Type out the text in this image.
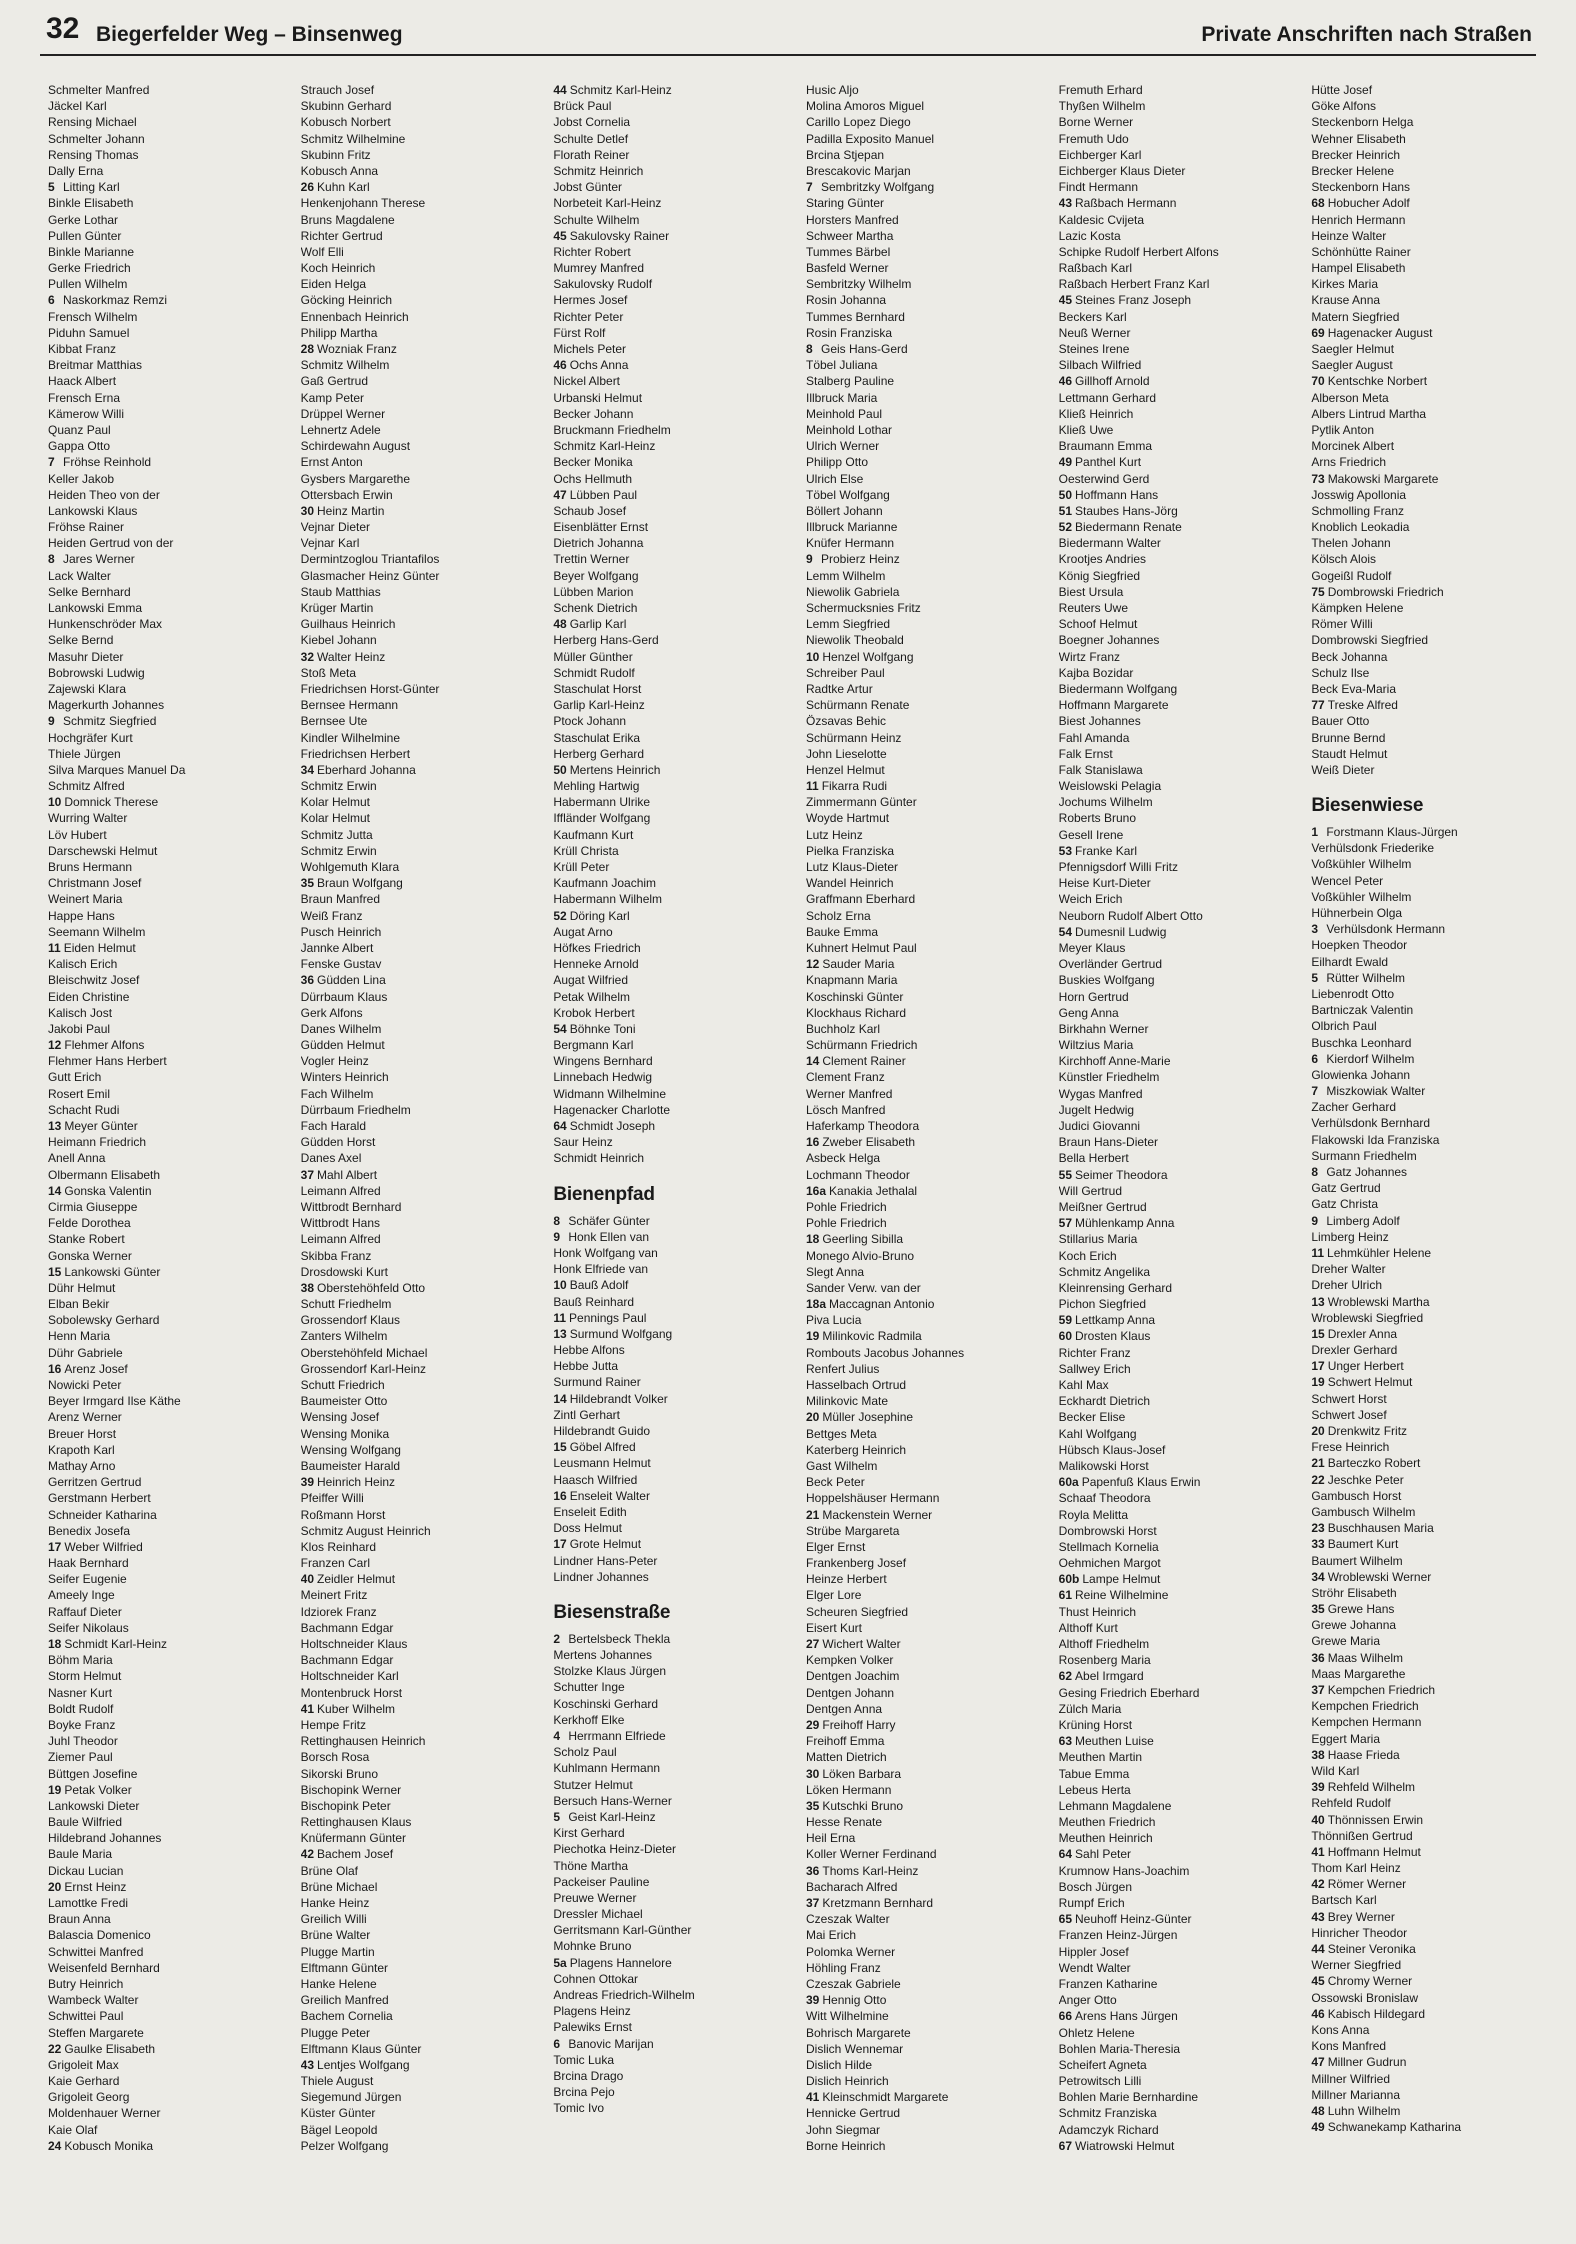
32 Biegerfelder Weg – Binsenweg	Private Anschriften nach Straßen
Schmelter Manfred
Jäckel Karl
Rensing Michael
Schmelter Johann
Rensing Thomas
Dally Erna
5 Litting Karl
Binkle Elisabeth
Gerke Lothar
Pullen Günter
Binkle Marianne
Gerke Friedrich
Pullen Wilhelm
6 Naskorkmaz Remzi
Frensch Wilhelm
Piduhn Samuel
Kibbat Franz
Breitmar Matthias
Haack Albert
Frensch Erna
Kämerow Willi
Quanz Paul
Gappa Otto
7 Fröhse Reinhold
Keller Jakob
Heiden Theo von der
Lankowski Klaus
Fröhse Rainer
Heiden Gertrud von der
8 Jares Werner
Lack Walter
Selke Bernhard
Lankowski Emma
Hunkenschröder Max
Selke Bernd
Masuhr Dieter
Bobrowski Ludwig
Zajewski Klara
Magerkurth Johannes
9 Schmitz Siegfried
Hochgräfer Kurt
Thiele Jürgen
Silva Marques Manuel Da
Schmitz Alfred
10 Domnick Therese
Wurring Walter
Löv Hubert
Darschewski Helmut
Bruns Hermann
Christmann Josef
Weinert Maria
Happe Hans
Seemann Wilhelm
11 Eiden Helmut
Kalisch Erich
Bleischwitz Josef
Eiden Christine
Kalisch Jost
Jakobi Paul
12 Flehmer Alfons
Flehmer Hans Herbert
Gutt Erich
Rosert Emil
Schacht Rudi
13 Meyer Günter
Heimann Friedrich
Anell Anna
Olbermann Elisabeth
14 Gonska Valentin
Cirmia Giuseppe
Felde Dorothea
Stanke Robert
Gonska Werner
15 Lankowski Günter
Dühr Helmut
Elban Bekir
Sobolewsky Gerhard
Henn Maria
Dühr Gabriele
16 Arenz Josef
Nowicki Peter
Beyer Irmgard Ilse Käthe
Arenz Werner
Breuer Horst
Krapoth Karl
Mathay Arno
Gerritzen Gertrud
Gerstmann Herbert
Schneider Katharina
Benedix Josefa
17 Weber Wilfried
Haak Bernhard
Seifer Eugenie
Ameely Inge
Raffauf Dieter
Seifer Nikolaus
18 Schmidt Karl-Heinz
Böhm Maria
Storm Helmut
Nasner Kurt
Boldt Rudolf
Boyke Franz
Juhl Theodor
Ziemer Paul
Büttgen Josefine
19 Petak Volker
Lankowski Dieter
Baule Wilfried
Hildebrand Johannes
Baule Maria
Dickau Lucian
20 Ernst Heinz
Lamottke Fredi
Braun Anna
Balascia Domenico
Schwittei Manfred
Weisenfeld Bernhard
Butry Heinrich
Wambeck Walter
Schwittei Paul
Steffen Margarete
22 Gaulke Elisabeth
Grigoleit Max
Kaie Gerhard
Grigoleit Georg
Moldenhauer Werner
Kaie Olaf
24 Kobusch Monika
Strauch Josef
Skubinn Gerhard
Kobusch Norbert
Schmitz Wilhelmine
Skubinn Fritz
Kobusch Anna
26 Kuhn Karl
Henkenjohann Therese
Bruns Magdalene
Richter Gertrud
Wolf Elli
Koch Heinrich
Eiden Helga
Göcking Heinrich
Ennenbach Heinrich
Philipp Martha
28 Wozniak Franz
Schmitz Wilhelm
Gaß Gertrud
Kamp Peter
Drüppel Werner
Lehnertz Adele
Schirdewahn August
Ernst Anton
Gysbers Margarethe
Ottersbach Erwin
30 Heinz Martin
Vejnar Dieter
Vejnar Karl
Dermintzoglou Triantafilos
Glasmacher Heinz Günter
Staub Matthias
Krüger Martin
Guilhaus Heinrich
Kiebel Johann
32 Walter Heinz
Stoß Meta
Friedrichsen Horst-Günter
Bernsee Hermann
Bernsee Ute
Kindler Wilhelmine
Friedrichsen Herbert
34 Eberhard Johanna
Schmitz Erwin
Kolar Helmut
Kolar Helmut
Schmitz Jutta
Schmitz Erwin
Wohlgemuth Klara
35 Braun Wolfgang
Braun Manfred
Weiß Franz
Pusch Heinrich
Jannke Albert
Fenske Gustav
36 Güdden Lina
Dürrbaum Klaus
Gerk Alfons
Danes Wilhelm
Güdden Helmut
Vogler Heinz
Winters Heinrich
Fach Wilhelm
Dürrbaum Friedhelm
Fach Harald
Güdden Horst
Danes Axel
37 Mahl Albert
Leimann Alfred
Wittbrodt Bernhard
Wittbrodt Hans
Leimann Alfred
Skibba Franz
Drosdowski Kurt
38 Oberstehöhfeld Otto
Schutt Friedhelm
Grossendorf Klaus
Zanters Wilhelm
Oberstehöhfeld Michael
Grossendorf Karl-Heinz
Schutt Friedrich
Baumeister Otto
Wensing Josef
Wensing Monika
Wensing Wolfgang
Baumeister Harald
39 Heinrich Heinz
Pfeiffer Willi
Roßmann Horst
Schmitz August Heinrich
Klos Reinhard
Franzen Carl
40 Zeidler Helmut
Meinert Fritz
Idziorek Franz
Bachmann Edgar
Holtschneider Klaus
Bachmann Edgar
Holtschneider Karl
Montenbruck Horst
41 Kuber Wilhelm
Hempe Fritz
Rettinghausen Heinrich
Borsch Rosa
Sikorski Bruno
Bischopink Werner
Bischopink Peter
Rettinghausen Klaus
Knüfermann Günter
42 Bachem Josef
Brüne Olaf
Brüne Michael
Hanke Heinz
Greilich Willi
Brüne Walter
Plugge Martin
Elftmann Günter
Hanke Helene
Greilich Manfred
Bachem Cornelia
Plugge Peter
Elftmann Klaus Günter
43 Lentjes Wolfgang
Thiele August
Siegemund Jürgen
Küster Günter
Bägel Leopold
Pelzer Wolfgang
44 Schmitz Karl-Heinz
Brück Paul
Jobst Cornelia
Schulte Detlef
Florath Reiner
Schmitz Heinrich
Jobst Günter
Norbeteit Karl-Heinz
Schulte Wilhelm
45 Sakulovsky Rainer
Richter Robert
Mumrey Manfred
Sakulovsky Rudolf
Hermes Josef
Richter Peter
Fürst Rolf
Michels Peter
46 Ochs Anna
Nickel Albert
Urbanski Helmut
Becker Johann
Bruckmann Friedhelm
Schmitz Karl-Heinz
Becker Monika
Ochs Hellmuth
47 Lübben Paul
Schaub Josef
Eisenblätter Ernst
Dietrich Johanna
Trettin Werner
Beyer Wolfgang
Lübben Marion
Schenk Dietrich
48 Garlip Karl
Herberg Hans-Gerd
Müller Günther
Schmidt Rudolf
Staschulat Horst
Garlip Karl-Heinz
Ptock Johann
Staschulat Erika
Herberg Gerhard
50 Mertens Heinrich
Mehling Hartwig
Habermann Ulrike
Iffländer Wolfgang
Kaufmann Kurt
Krüll Christa
Krüll Peter
Kaufmann Joachim
Habermann Wilhelm
52 Döring Karl
Augat Arno
Höfkes Friedrich
Henneke Arnold
Augat Wilfried
Petak Wilhelm
Krobok Herbert
54 Böhnke Toni
Bergmann Karl
Wingens Bernhard
Linnebach Hedwig
Widmann Wilhelmine
Hagenacker Charlotte
64 Schmidt Joseph
Saur Heinz
Schmidt Heinrich
Bienenpfad
8 Schäfer Günter
9 Honk Ellen van
Honk Wolfgang van
Honk Elfriede van
10 Bauß Adolf
Bauß Reinhard
11 Pennings Paul
13 Surmund Wolfgang
Hebbe Alfons
Hebbe Jutta
Surmund Rainer
14 Hildebrandt Volker
Zintl Gerhart
Hildebrandt Guido
15 Göbel Alfred
Leusmann Helmut
Haasch Wilfried
16 Enseleit Walter
Enseleit Edith
Doss Helmut
17 Grote Helmut
Lindner Hans-Peter
Lindner Johannes
Biesenstraße
2 Bertelsbeck Thekla
Mertens Johannes
Stolzke Klaus Jürgen
Schutter Inge
Koschinski Gerhard
Kerkhoff Elke
4 Herrmann Elfriede
Scholz Paul
Kuhlmann Hermann
Stutzer Helmut
Bersuch Hans-Werner
5 Geist Karl-Heinz
Kirst Gerhard
Piechotka Heinz-Dieter
Thöne Martha
Packeiser Pauline
Preuwe Werner
Dressler Michael
Gerritsmann Karl-Günther
Mohnke Bruno
5a Plagens Hannelore
Cohnen Ottokar
Andreas Friedrich-Wilhelm
Plagens Heinz
Palewiks Ernst
6 Banovic Marijan
Tomic Luka
Brcina Drago
Brcina Pejo
Tomic Ivo
Husic Aljo
Molina Amoros Miguel
Carillo Lopez Diego
Padilla Exposito Manuel
Brcina Stjepan
Brescakovic Marjan
7 Sembritzky Wolfgang
Staring Günter
Horsters Manfred
Schweer Martha
Tummes Bärbel
Basfeld Werner
Sembritzky Wilhelm
Rosin Johanna
Tummes Bernhard
Rosin Franziska
8 Geis Hans-Gerd
Töbel Juliana
Stalberg Pauline
Illbruck Maria
Meinhold Paul
Meinhold Lothar
Ulrich Werner
Philipp Otto
Ulrich Else
Töbel Wolfgang
Böllert Johann
Illbruck Marianne
Knüfer Hermann
9 Probierz Heinz
Lemm Wilhelm
Niewolik Gabriela
Schermucksnies Fritz
Lemm Siegfried
Niewolik Theobald
10 Henzel Wolfgang
Schreiber Paul
Radtke Artur
Schürmann Renate
Özsavas Behic
Schürmann Heinz
John Lieselotte
Henzel Helmut
11 Fikarra Rudi
Zimmermann Günter
Woyde Hartmut
Lutz Heinz
Pielka Franziska
Lutz Klaus-Dieter
Wandel Heinrich
Graffmann Eberhard
Scholz Erna
Bauke Emma
Kuhnert Helmut Paul
12 Sauder Maria
Knapmann Maria
Koschinski Günter
Klockhaus Richard
Buchholz Karl
Schürmann Friedrich
14 Clement Rainer
Clement Franz
Werner Manfred
Lösch Manfred
Haferkamp Theodora
16 Zweber Elisabeth
Asbeck Helga
Lochmann Theodor
16a Kanakia Jethalal
Pohle Friedrich
Pohle Friedrich
18 Geerling Sibilla
Monego Alvio-Bruno
Slegt Anna
Sander Verw. van der
18a Maccagnan Antonio
Piva Lucia
19 Milinkovic Radmila
Rombouts Jacobus Johannes
Renfert Julius
Hasselbach Ortrud
Milinkovic Mate
20 Müller Josephine
Bettges Meta
Katerberg Heinrich
Gast Wilhelm
Beck Peter
Hoppelshäuser Hermann
21 Mackenstein Werner
Strübe Margareta
Elger Ernst
Frankenberg Josef
Heinze Herbert
Elger Lore
Scheuren Siegfried
Eisert Kurt
27 Wichert Walter
Kempken Volker
Dentgen Joachim
Dentgen Johann
Dentgen Anna
29 Freihoff Harry
Freihoff Emma
Matten Dietrich
30 Löken Barbara
Löken Hermann
35 Kutschki Bruno
Hesse Renate
Heil Erna
Koller Werner Ferdinand
36 Thoms Karl-Heinz
Bacharach Alfred
37 Kretzmann Bernhard
Czeszak Walter
Mai Erich
Polomka Werner
Höhling Franz
Czeszak Gabriele
39 Hennig Otto
Witt Wilhelmine
Bohrisch Margarete
Dislich Wennemar
Dislich Hilde
Dislich Heinrich
41 Kleinschmidt Margarete
Hennicke Gertrud
John Siegmar
Borne Heinrich
Fremuth Erhard
Thyßen Wilhelm
Borne Werner
Fremuth Udo
Eichberger Karl
Eichberger Klaus Dieter
Findt Hermann
43 Raßbach Hermann
Kaldesic Cvijeta
Lazic Kosta
Schipke Rudolf Herbert Alfons
Raßbach Karl
Raßbach Herbert Franz Karl
45 Steines Franz Joseph
Beckers Karl
Neuß Werner
Steines Irene
Silbach Wilfried
46 Gillhoff Arnold
Lettmann Gerhard
Kließ Heinrich
Kließ Uwe
Braumann Emma
49 Panthel Kurt
Oesterwind Gerd
50 Hoffmann Hans
51 Staubes Hans-Jörg
52 Biedermann Renate
Biedermann Walter
Krootjes Andries
König Siegfried
Biest Ursula
Reuters Uwe
Schoof Helmut
Boegner Johannes
Wirtz Franz
Kajba Bozidar
Biedermann Wolfgang
Hoffmann Margarete
Biest Johannes
Fahl Amanda
Falk Ernst
Falk Stanislawa
Weislowski Pelagia
Jochums Wilhelm
Roberts Bruno
Gesell Irene
53 Franke Karl
Pfennigsdorf Willi Fritz
Heise Kurt-Dieter
Weich Erich
Neuborn Rudolf Albert Otto
54 Dumesnil Ludwig
Meyer Klaus
Overländer Gertrud
Buskies Wolfgang
Horn Gertrud
Geng Anna
Birkhahn Werner
Wiltzius Maria
Kirchhoff Anne-Marie
Künstler Friedhelm
Wygas Manfred
Jugelt Hedwig
Judici Giovanni
Braun Hans-Dieter
Bella Herbert
55 Seimer Theodora
Will Gertrud
Meißner Gertrud
57 Mühlenkamp Anna
Stillarius Maria
Koch Erich
Schmitz Angelika
Kleinrensing Gerhard
Pichon Siegfried
59 Lettkamp Anna
60 Drosten Klaus
Richter Franz
Sallwey Erich
Kahl Max
Eckhardt Dietrich
Becker Elise
Kahl Wolfgang
Hübsch Klaus-Josef
Malikowski Horst
60a Papenfuß Klaus Erwin
Schaaf Theodora
Royla Melitta
Dombrowski Horst
Stellmach Kornelia
Oehmichen Margot
60b Lampe Helmut
61 Reine Wilhelmine
Thust Heinrich
Althoff Kurt
Althoff Friedhelm
Rosenberg Maria
62 Abel Irmgard
Gesing Friedrich Eberhard
Zülch Maria
Krüning Horst
63 Meuthen Luise
Meuthen Martin
Tabue Emma
Lebeus Herta
Lehmann Magdalene
Meuthen Friedrich
Meuthen Heinrich
64 Sahl Peter
Krumnow Hans-Joachim
Bosch Jürgen
Rumpf Erich
65 Neuhoff Heinz-Günter
Franzen Heinz-Jürgen
Hippler Josef
Wendt Walter
Franzen Katharine
Anger Otto
66 Arens Hans Jürgen
Ohletz Helene
Bohlen Maria-Theresia
Scheifert Agneta
Petrowitsch Lilli
Bohlen Marie Bernhardine
Schmitz Franziska
Adamczyk Richard
67 Wiatrowski Helmut
Hütte Josef
Göke Alfons
Steckenborn Helga
Wehner Elisabeth
Brecker Heinrich
Brecker Helene
Steckenborn Hans
68 Hobucher Adolf
Henrich Hermann
Heinze Walter
Schönhütte Rainer
Hampel Elisabeth
Kirkes Maria
Krause Anna
Matern Siegfried
69 Hagenacker August
Saegler Helmut
Saegler August
70 Kentschke Norbert
Alberson Meta
Albers Lintrud Martha
Pytlik Anton
Morcinek Albert
Arns Friedrich
73 Makowski Margarete
Josswig Apollonia
Schmolling Franz
Knoblich Leokadia
Thelen Johann
Kölsch Alois
Gogeißl Rudolf
75 Dombrowski Friedrich
Kämpken Helene
Römer Willi
Dombrowski Siegfried
Beck Johanna
Schulz Ilse
Beck Eva-Maria
77 Treske Alfred
Bauer Otto
Brunne Bernd
Staudt Helmut
Weiß Dieter
Biesenwiese
1 Forstmann Klaus-Jürgen
Verhülsdonk Friederike
Voßkühler Wilhelm
Wencel Peter
Voßkühler Wilhelm
Hühnerbein Olga
3 Verhülsdonk Hermann
Hoepken Theodor
Eilhardt Ewald
5 Rütter Wilhelm
Liebenrodt Otto
Bartniczak Valentin
Olbrich Paul
Buschka Leonhard
6 Kierdorf Wilhelm
Glowienka Johann
7 Miszkowiak Walter
Zacher Gerhard
Verhülsdonk Bernhard
Flakowski Ida Franziska
Surmann Friedhelm
8 Gatz Johannes
Gatz Gertrud
Gatz Christa
9 Limberg Adolf
Limberg Heinz
11 Lehmkühler Helene
Dreher Walter
Dreher Ulrich
13 Wroblewski Martha
Wroblewski Siegfried
15 Drexler Anna
Drexler Gerhard
17 Unger Herbert
19 Schwert Helmut
Schwert Horst
Schwert Josef
20 Drenkwitz Fritz
Frese Heinrich
21 Barteczko Robert
22 Jeschke Peter
Gambusch Horst
Gambusch Wilhelm
23 Buschhausen Maria
33 Baumert Kurt
Baumert Wilhelm
34 Wroblewski Werner
Ströhr Elisabeth
35 Grewe Hans
Grewe Johanna
Grewe Maria
36 Maas Wilhelm
Maas Margarethe
37 Kempchen Friedrich
Kempchen Friedrich
Kempchen Hermann
Eggert Maria
38 Haase Frieda
Wild Karl
39 Rehfeld Wilhelm
Rehfeld Rudolf
40 Thönnissen Erwin
Thönnißen Gertrud
41 Hoffmann Helmut
Thom Karl Heinz
42 Römer Werner
Bartsch Karl
43 Brey Werner
Hinricher Theodor
44 Steiner Veronika
Werner Siegfried
45 Chromy Werner
Ossowski Bronislaw
46 Kabisch Hildegard
Kons Anna
Kons Manfred
47 Millner Gudrun
Millner Wilfried
Millner Marianna
48 Luhn Wilhelm
49 Schwanekamp Katharina
